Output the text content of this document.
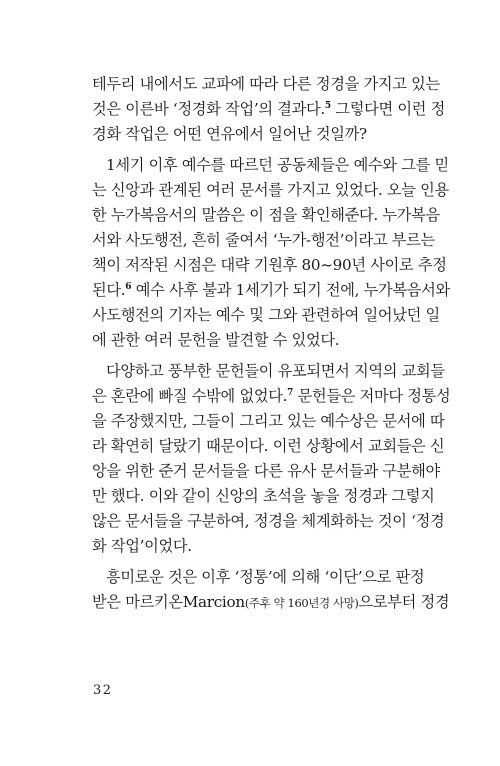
테두리 내에서도 교파에 따라 다른 정경을 가지고 있는
것은 이른바 ‘정경화 작업’의 결과다.$^5$ 그렇다면 이런 정
경화 작업은 어떤 연유에서 일어난 것일까?
1세기 이후 예수를 따르던 공동체들은 예수와 그를 믿
는 신앙과 관계된 여러 문서를 가지고 있었다. 오늘 인용
한 누가복음서의 말씀은 이 점을 확인해준다. 누가복음
서와 사도행전, 흔히 줄여서 ‘누가-행전’이라고 부르는
책이 저작된 시점은 대략 기원후 80~90년 사이로 추정
된다.$^6$ 예수 사후 불과 1세기가 되기 전에, 누가복음서와
사도행전의 기자는 예수 및 그와 관련하여 일어났던 일
에 관한 여러 문헌을 발견할 수 있었다.
다양하고 풍부한 문헌들이 유포되면서 지역의 교회들
은 혼란에 빠질 수밖에 없었다.$^7$ 문헌들은 저마다 정통성
을 주장했지만, 그들이 그리고 있는 예수상은 문서에 따
라 확연히 달랐기 때문이다. 이런 상황에서 교회들은 신
앙을 위한 준거 문서들을 다른 유사 문서들과 구분해야
만 했다. 이와 같이 신앙의 초석을 놓을 정경과 그렇지
않은 문서들을 구분하여, 정경을 체계화하는 것이 ‘정경
화 작업’이었다.
흥미로운 것은 이후 ‘정통’에 의해 ‘이단’으로 판정
받은 마르키온Marcion(주후 약 160년경 사망)으로부터 정경
32
